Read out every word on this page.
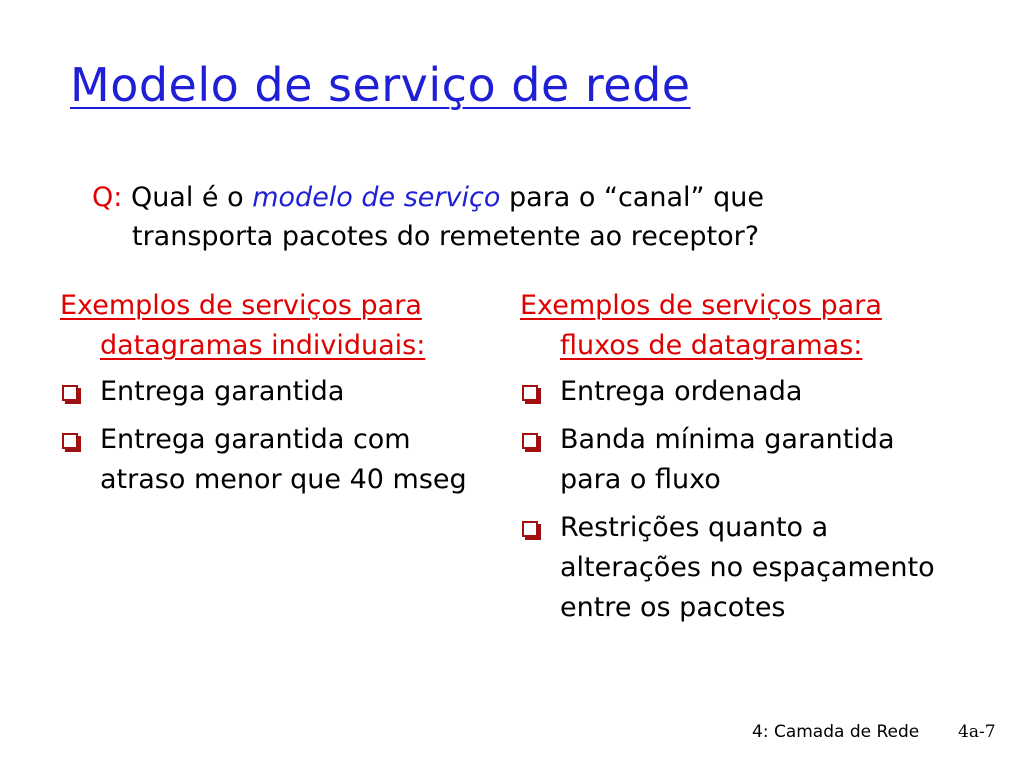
Modelo de serviço de rede
Q: Qual é o modelo de serviço para o “canal” que
transporta pacotes do remetente ao receptor?
Exemplos de serviços para datagramas individuais:
Entrega garantida
Entrega garantida com atraso menor que 40 mseg
Exemplos de serviços para fluxos de datagramas:
Entrega ordenada
Banda mínima garantida para o fluxo
Restrições quanto a alterações no espaçamento entre os pacotes
4: Camada de Rede 4a-7
